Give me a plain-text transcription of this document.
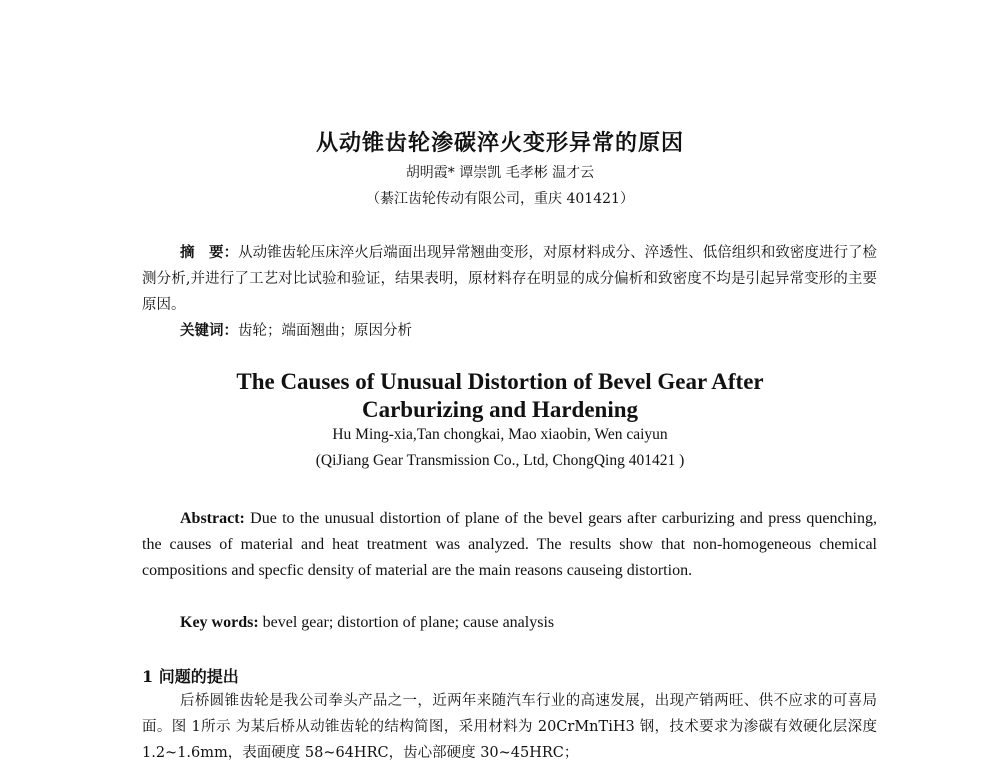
从动锥齿轮渗碳淬火变形异常的原因

胡明霞* 谭崇凯 毛孝彬 温才云

（綦江齿轮传动有限公司，重庆 401421）

摘　要：从动锥齿轮压床淬火后端面出现异常翘曲变形，对原材料成分、淬透性、低倍组织和致密度进行了检测分析,并进行了工艺对比试验和验证，结果表明，原材料存在明显的成分偏析和致密度不均是引起异常变形的主要原因。

关键词：齿轮；端面翘曲；原因分析

The Causes of Unusual Distortion of Bevel Gear After
Carburizing and Hardening

Hu Ming-xia,Tan chongkai, Mao xiaobin, Wen caiyun

(QiJiang Gear Transmission Co., Ltd, ChongQing 401421 )

Abstract: Due to the unusual distortion of plane of the bevel gears after carburizing and press quenching, the causes of material and heat treatment was analyzed. The results show that non-homogeneous chemical compositions and specfic density of material are the main reasons causeing distortion.

Key words: bevel gear; distortion of plane; cause analysis

1 问题的提出

后桥圆锥齿轮是我公司拳头产品之一，近两年来随汽车行业的高速发展，出现产销两旺、供不应求的可喜局面。图 1所示 为某后桥从动锥齿轮的结构简图，采用材料为 20CrMnTiH3 钢，技术要求为渗碳有效硬化层深度 1.2~1.6mm，表面硬度 58~64HRC，齿心部硬度 30~45HRC；
